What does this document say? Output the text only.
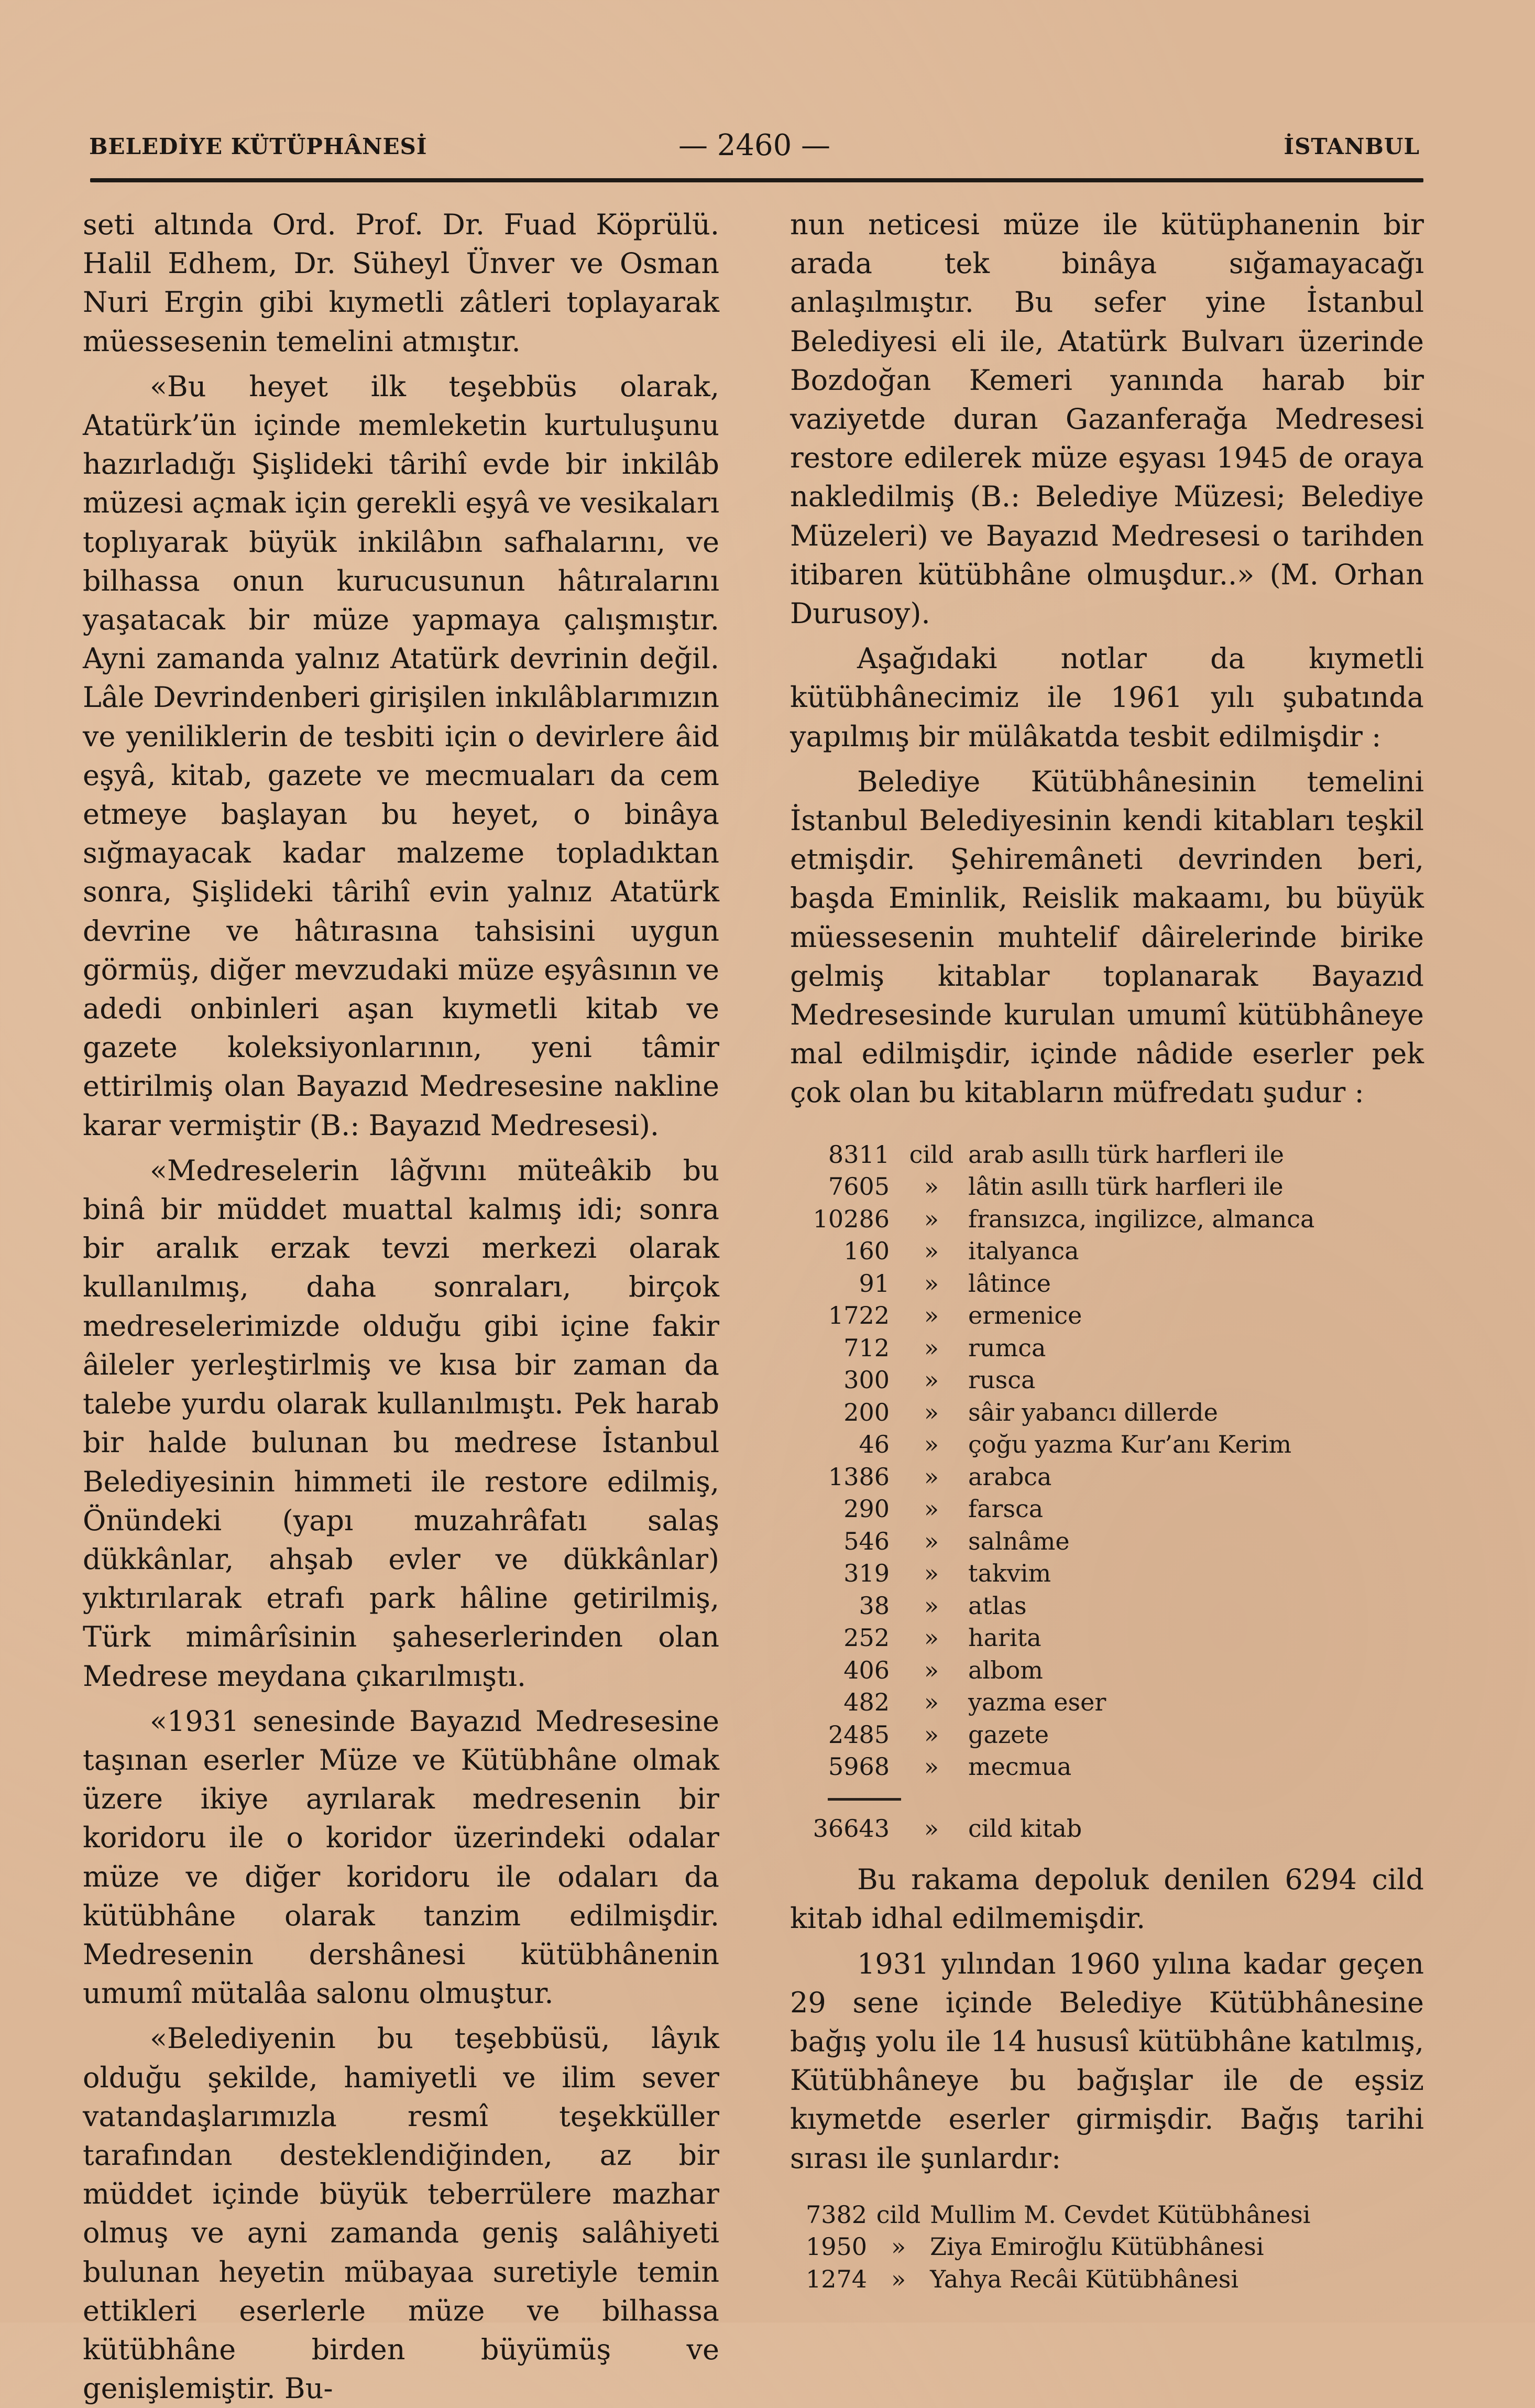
BELEDİYE KÜTÜPHÂNESİ	— 2460 —	İSTANBUL

seti altında Ord. Prof. Dr. Fuad Köprülü. Halil Edhem, Dr. Süheyl Ünver ve Osman Nuri Ergin gibi kıymetli zâtleri toplayarak müessesenin temelini atmıştır.

«Bu heyet ilk teşebbüs olarak, Atatürk’ün içinde memleketin kurtuluşunu hazırladığı Şişlideki târihî evde bir inkilâb müzesi açmak için gerekli eşyâ ve vesikaları toplıyarak büyük inkilâbın safhalarını, ve bilhassa onun kurucusunun hâtıralarını yaşatacak bir müze yapmaya çalışmıştır. Ayni zamanda yalnız Atatürk devrinin değil. Lâle Devrindenberi girişilen inkılâblarımızın ve yeniliklerin de tesbiti için o devirlere âid eşyâ, kitab, gazete ve mecmuaları da cem etmeye başlayan bu heyet, o binâya sığmayacak kadar malzeme topladıktan sonra, Şişlideki târihî evin yalnız Atatürk devrine ve hâtırasına tahsisini uygun görmüş, diğer mevzudaki müze eşyâsının ve adedi onbinleri aşan kıymetli kitab ve gazete koleksiyonlarının, yeni tâmir ettirilmiş olan Bayazıd Medresesine nakline karar vermiştir (B.: Bayazıd Medresesi).

«Medreselerin lâğvını müteâkib bu binâ bir müddet muattal kalmış idi; sonra bir aralık erzak tevzi merkezi olarak kullanılmış, daha sonraları, birçok medreselerimizde olduğu gibi içine fakir âileler yerleştirlmiş ve kısa bir zaman da talebe yurdu olarak kullanılmıştı. Pek harab bir halde bulunan bu medrese İstanbul Belediyesinin himmeti ile restore edilmiş, Önündeki (yapı muzahrâfatı salaş dükkânlar, ahşab evler ve dükkânlar) yıktırılarak etrafı park hâline getirilmiş, Türk mimârîsinin şaheserlerinden olan Medrese meydana çıkarılmıştı.

«1931 senesinde Bayazıd Medresesine taşınan eserler Müze ve Kütübhâne olmak üzere ikiye ayrılarak medresenin bir koridoru ile o koridor üzerindeki odalar müze ve diğer koridoru ile odaları da kütübhâne olarak tanzim edilmişdir. Medresenin dershânesi kütübhânenin umumî mütalâa salonu olmuştur.

«Belediyenin bu teşebbüsü, lâyık olduğu şekilde, hamiyetli ve ilim sever vatandaşlarımızla resmî teşekküller tarafından desteklendiğinden, az bir müddet içinde büyük teberrülere mazhar olmuş ve ayni zamanda geniş salâhiyeti bulunan heyetin mübayaa suretiyle temin ettikleri eserlerle müze ve bilhassa kütübhâne birden büyümüş ve genişlemiştir. Bu-

nun neticesi müze ile kütüphanenin bir arada tek binâya sığamayacağı anlaşılmıştır. Bu sefer yine İstanbul Belediyesi eli ile, Atatürk Bulvarı üzerinde Bozdoğan Kemeri yanında harab bir vaziyetde duran Gazanferağa Medresesi restore edilerek müze eşyası 1945 de oraya nakledilmiş (B.: Belediye Müzesi; Belediye Müzeleri) ve Bayazıd Medresesi o tarihden itibaren kütübhâne olmuşdur..» (M. Orhan Durusoy).

Aşağıdaki notlar da kıymetli kütübhânecimiz ile 1961 yılı şubatında yapılmış bir mülâkatda tesbit edilmişdir :

Belediye Kütübhânesinin temelini İstanbul Belediyesinin kendi kitabları teşkil etmişdir. Şehiremâneti devrinden beri, başda Eminlik, Reislik makaamı, bu büyük müessesenin muhtelif dâirelerinde birike gelmiş kitablar toplanarak Bayazıd Medresesinde kurulan umumî kütübhâneye mal edilmişdir, içinde nâdide eserler pek çok olan bu kitabların müfredatı şudur :

8311	cild	arab asıllı türk harfleri ile
7605	»	lâtin asıllı türk harfleri ile
10286	»	fransızca, ingilizce, almanca
160	»	italyanca
91	»	lâtince
1722	»	ermenice
712	»	rumca
300	»	rusca
200	»	sâir yabancı dillerde
46	»	çoğu yazma Kur’anı Kerim
1386	»	arabca
290	»	farsca
546	»	salnâme
319	»	takvim
38	»	atlas
252	»	harita
406	»	albom
482	»	yazma eser
2485	»	gazete
5968	»	mecmua

36643	»	cild kitab

Bu rakama depoluk denilen 6294 cild kitab idhal edilmemişdir.

1931 yılından 1960 yılına kadar geçen 29 sene içinde Belediye Kütübhânesine bağış yolu ile 14 hususî kütübhâne katılmış, Kütübhâneye bu bağışlar ile de eşsiz kıymetde eserler girmişdir. Bağış tarihi sırası ile şunlardır:

7382	cild	Mullim M. Cevdet Kütübhânesi
1950	»	Ziya Emiroğlu Kütübhânesi
1274	»	Yahya Recâi Kütübhânesi
